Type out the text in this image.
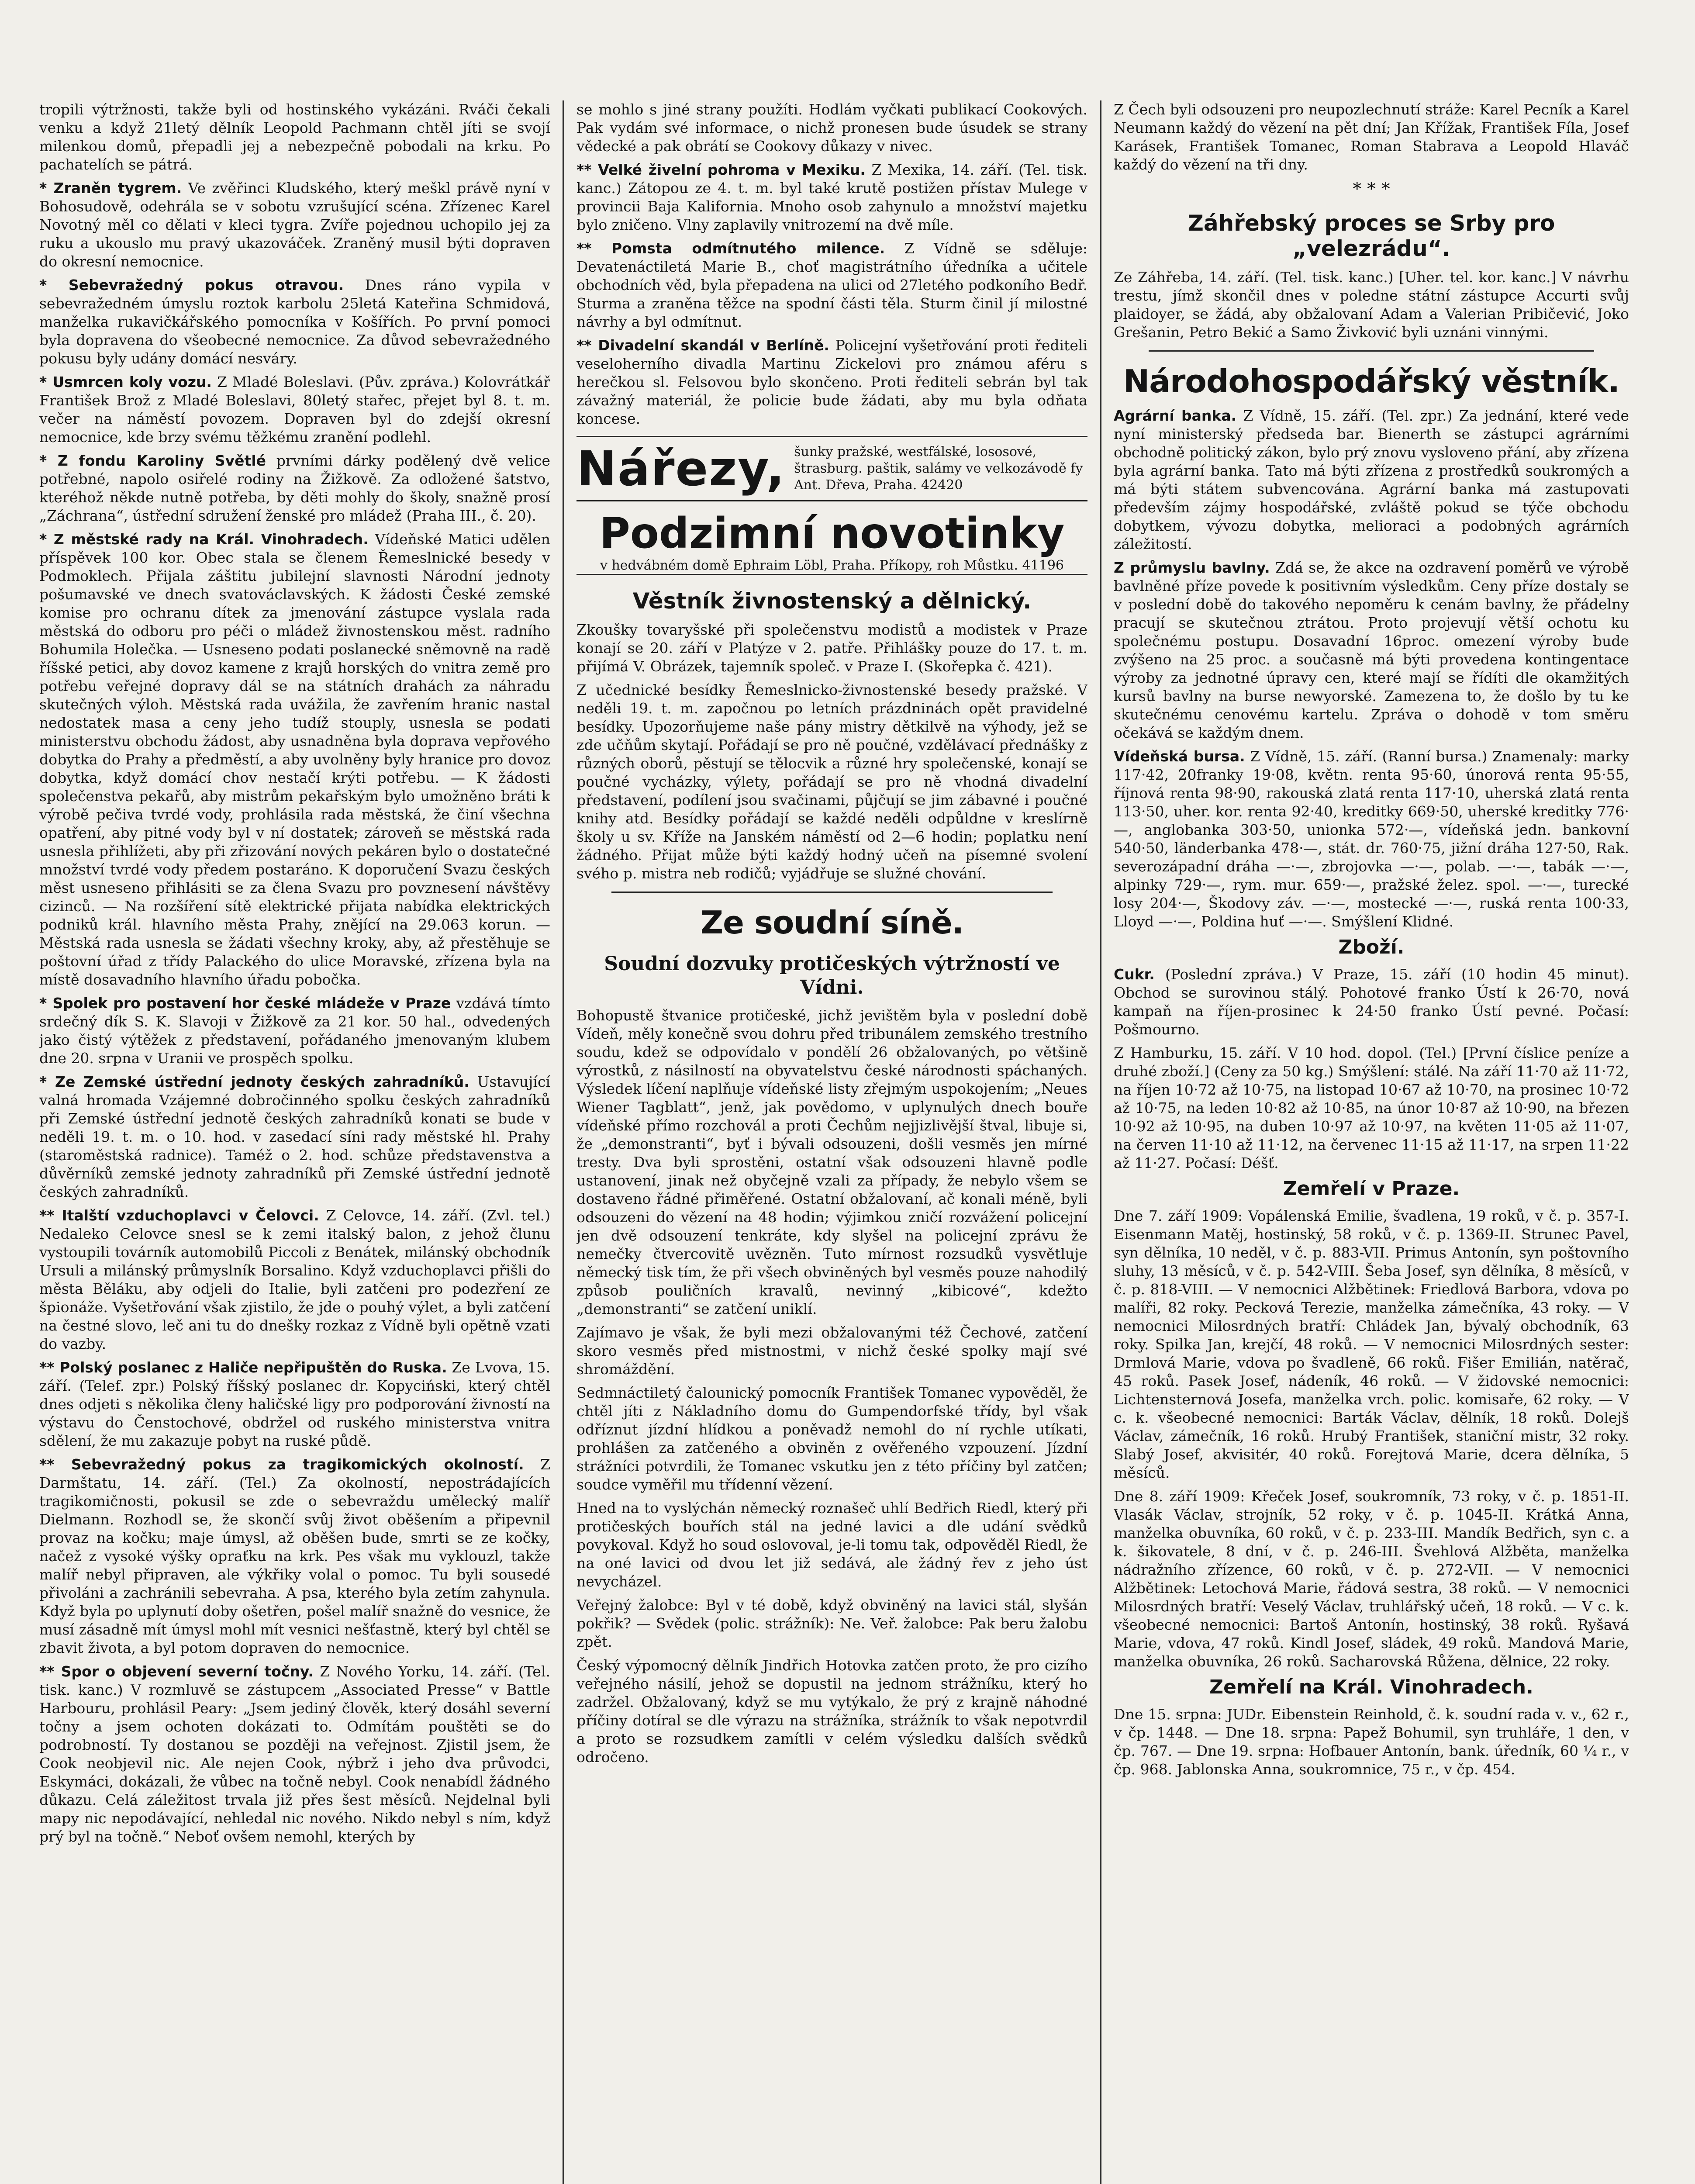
tropili výtržnosti, takže byli od hostinského vykázáni. Rváči čekali venku a když 21letý dělník Leopold Pachmann chtěl jíti se svojí milenkou domů, přepadli jej a nebezpečně pobodali na krku. Po pachatelích se pátrá.

* Zraněn tygrem. Ve zvěřinci Kludského, který meškl právě nyní v Bohosudově, odehrála se v sobotu vzrušující scéna. Zřízenec Karel Novotný měl co dělati v kleci tygra. Zvíře pojednou uchopilo jej za ruku a ukouslo mu pravý ukazováček. Zraněný musil býti dopraven do okresní nemocnice.

* Sebevražedný pokus otravou. Dnes ráno vypila v sebevražedném úmyslu roztok karbolu 25letá Kateřina Schmidová, manželka rukavičkářského pomocníka v Košířích. Po první pomoci byla dopravena do všeobecné nemocnice. Za důvod sebevražedného pokusu byly udány domácí nesváry.

* Usmrcen koly vozu. Z Mladé Boleslavi. (Pův. zpráva.) Kolovrátkář František Brož z Mladé Boleslavi, 80letý stařec, přejet byl 8. t. m. večer na náměstí povozem. Dopraven byl do zdejší okresní nemocnice, kde brzy svému těžkému zranění podlehl.

* Z fondu Karoliny Světlé prvními dárky podělený dvě velice potřebné, napolo osiřelé rodiny na Žižkově. Za odložené šatstvo, kteréhož někde nutně potřeba, by děti mohly do školy, snažně prosí „Záchrana“, ústřední sdružení ženské pro mládež (Praha III., č. 20).

* Z městské rady na Král. Vinohradech. Vídeňské Matici udělen příspěvek 100 kor. Obec stala se členem Řemeslnické besedy v Podmoklech. Přijala záštitu jubilejní slavnosti Národní jednoty pošumavské ve dnech svatováclavských. K žádosti České zemské komise pro ochranu dítek za jmenování zástupce vyslala rada městská do odboru pro péči o mládež živnostenskou měst. radního Bohumila Holečka. — Usneseno podati poslanecké sněmovně na radě říšské petici, aby dovoz kamene z krajů horských do vnitra země pro potřebu veřejné dopravy dál se na státních drahách za náhradu skutečných výloh. Městská rada uvážila, že zavřením hranic nastal nedostatek masa a ceny jeho tudíž stouply, usnesla se podati ministerstvu obchodu žádost, aby usnadněna byla doprava vepřového dobytka do Prahy a předměstí, a aby uvolněny byly hranice pro dovoz dobytka, když domácí chov nestačí krýti potřebu. — K žádosti společenstva pekařů, aby mistrům pekařským bylo umožněno bráti k výrobě pečiva tvrdé vody, prohlásila rada městská, že činí všechna opatření, aby pitné vody byl v ní dostatek; zároveň se městská rada usnesla přihlížeti, aby při zřizování nových pekáren bylo o dostatečné množství tvrdé vody předem postaráno. K doporučení Svazu českých měst usneseno přihlásiti se za člena Svazu pro povznesení návštěvy cizinců. — Na rozšíření sítě elektrické přijata nabídka elektrických podniků král. hlavního města Prahy, znějící na 29.063 korun. — Městská rada usnesla se žádati všechny kroky, aby, až přestěhuje se poštovní úřad z třídy Palackého do ulice Moravské, zřízena byla na místě dosavadního hlavního úřadu pobočka.

* Spolek pro postavení hor české mládeže v Praze vzdává tímto srdečný dík S. K. Slavoji v Žižkově za 21 kor. 50 hal., odvedených jako čistý výtěžek z představení, pořádaného jmenovaným klubem dne 20. srpna v Uranii ve prospěch spolku.

* Ze Zemské ústřední jednoty českých zahradníků. Ustavující valná hromada Vzájemné dobročinného spolku českých zahradníků při Zemské ústřední jednotě českých zahradníků konati se bude v neděli 19. t. m. o 10. hod. v zasedací síni rady městské hl. Prahy (staroměstská radnice). Taméž o 2. hod. schůze představenstva a důvěrníků zemské jednoty zahradníků při Zemské ústřední jednotě českých zahradníků.

** Italští vzduchoplavci v Čelovci. Z Celovce, 14. září. (Zvl. tel.) Nedaleko Celovce snesl se k zemi italský balon, z jehož člunu vystoupili továrník automobilů Piccoli z Benátek, milánský obchodník Ursuli a milánský průmyslník Borsalino. Když vzduchoplavci přišli do města Běláku, aby odjeli do Italie, byli zatčeni pro podezření ze špionáže. Vyšetřování však zjistilo, že jde o pouhý výlet, a byli zatčení na čestné slovo, leč ani tu do dnešky rozkaz z Vídně byli opětně vzati do vazby.

** Polský poslanec z Haliče nepřipuštěn do Ruska. Ze Lvova, 15. září. (Telef. zpr.) Polský říšský poslanec dr. Kopyciński, který chtěl dnes odjeti s několika členy haličské ligy pro podporování živností na výstavu do Čenstochové, obdržel od ruského ministerstva vnitra sdělení, že mu zakazuje pobyt na ruské půdě.

** Sebevražedný pokus za tragikomických okolností. Z Darmštatu, 14. září. (Tel.) Za okolností, nepostrádajících tragikomičnosti, pokusil se zde o sebevraždu umělecký malíř Dielmann. Rozhodl se, že skončí svůj život oběšením a připevnil provaz na kočku; maje úmysl, až oběšen bude, smrti se ze kočky, načež z vysoké výšky opraťku na krk. Pes však mu vyklouzl, takže malíř nebyl připraven, ale výkřiky volal o pomoc. Tu byli sousedé přivoláni a zachránili sebevraha. A psa, kterého byla zetím zahynula. Když byla po uplynutí doby ošetřen, pošel malíř snažně do vesnice, že musí zásadně mít úmysl mohl mít vesnici nešťastně, který byl chtěl se zbavit života, a byl potom dopraven do nemocnice.

** Spor o objevení severní točny. Z Nového Yorku, 14. září. (Tel. tisk. kanc.) V rozmluvě se zástupcem „Associated Presse“ v Battle Harbouru, prohlásil Peary: „Jsem jediný člověk, který dosáhl severní točny a jsem ochoten dokázati to. Odmítám pouštěti se do podrobností. Ty dostanou se později na veřejnost. Zjistil jsem, že Cook neobjevil nic. Ale nejen Cook, nýbrž i jeho dva průvodci, Eskymáci, dokázali, že vůbec na točně nebyl. Cook nenabídl žádného důkazu. Celá záležitost trvala již přes šest měsíců. Nejdelnal byli mapy nic nepodávající, nehledal nic nového. Nikdo nebyl s ním, když prý byl na točně.“ Neboť ovšem nemohl, kterých by

se mohlo s jiné strany použíti. Hodlám vyčkati publikací Cookových. Pak vydám své informace, o nichž pronesen bude úsudek se strany vědecké a pak obrátí se Cookovy důkazy v nivec.

** Velké živelní pohroma v Mexiku. Z Mexika, 14. září. (Tel. tisk. kanc.) Zátopou ze 4. t. m. byl také krutě postižen přístav Mulege v provincii Baja Kalifornia. Mnoho osob zahynulo a množství majetku bylo zničeno. Vlny zaplavily vnitrozemí na dvě míle.

** Pomsta odmítnutého milence. Z Vídně se sděluje: Devatenáctiletá Marie B., choť magistrátního úředníka a učitele obchodních věd, byla přepadena na ulici od 27letého podkoního Bedř. Sturma a zraněna těžce na spodní části těla. Sturm činil jí milostné návrhy a byl odmítnut.

** Divadelní skandál v Berlíně. Policejní vyšetřování proti řediteli veseloherního divadla Martinu Zickelovi pro známou aféru s herečkou sl. Felsovou bylo skončeno. Proti řediteli sebrán byl tak závažný materiál, že policie bude žádati, aby mu byla odňata koncese.

Nářezy, šunky pražské, westfálské, lososové, štrasburg. paštik, salámy ve velkozávodě fy Ant. Dřeva, Praha. 42420
Podzimní novotinky
v hedvábném domě Ephraim Löbl, Praha. Příkopy, roh Můstku. 41196
Věstník živnostenský a dělnický.

Zkoušky tovaryšské při společenstvu modistů a modistek v Praze konají se 20. září v Platýze v 2. patře. Přihlášky pouze do 17. t. m. přijímá V. Obrázek, tajemník společ. v Praze I. (Skořepka č. 421).

Z učednické besídky Řemeslnicko-živnostenské besedy pražské. V neděli 19. t. m. započnou po letních prázdninách opět pravidelné besídky. Upozorňujeme naše pány mistry dětkilvě na výhody, jež se zde učňům skytají. Pořádají se pro ně poučné, vzdělávací přednášky z různých oborů, pěstují se tělocvik a různé hry společenské, konají se poučné vycházky, výlety, pořádají se pro ně vhodná divadelní představení, podílení jsou svačinami, půjčují se jim zábavné i poučné knihy atd. Besídky pořádají se každé neděli odpůldne v kreslírně školy u sv. Kříže na Janském náměstí od 2—6 hodin; poplatku není žádného. Přijat může býti každý hodný učeň na písemné svolení svého p. mistra neb rodičů; vyjádřuje se služné chování.

Ze soudní síně.
Soudní dozvuky protičeských výtržností ve Vídni.

Bohopustě štvanice protičeské, jichž jevištěm byla v poslední době Vídeň, měly konečně svou dohru před tribunálem zemského trestního soudu, kdež se odpovídalo v pondělí 26 obžalovaných, po většině výrostků, z násilností na obyvatelstvu české národnosti spáchaných. Výsledek líčení naplňuje vídeňské listy zřejmým uspokojením; „Neues Wiener Tagblatt“, jenž, jak povědomo, v uplynulých dnech bouře vídeňské přímo rozchovál a proti Čechům nejjizlivější štval, libuje si, že „demonstranti“, byť i bývali odsouzeni, došli vesměs jen mírné tresty. Dva byli sprostěni, ostatní však odsouzeni hlavně podle ustanovení, jinak než obyčejně vzali za případy, že nebylo všem se dostaveno řádné přiměřené. Ostatní obžalovaní, ač konali méně, byli odsouzeni do vězení na 48 hodin; výjimkou zničí rozvážení policejní jen dvě odsouzení tenkráte, kdy slyšel na policejní zprávu že nemečky čtvercovitě uvězněn. Tuto mírnost rozsudků vysvětluje německý tisk tím, že při všech obviněných byl vesměs pouze nahodilý způsob pouličních kravalů, nevinný „kibicové“, kdežto „demonstranti“ se zatčení uniklí.

Zajímavo je však, že byli mezi obžalovanými též Čechové, zatčení skoro vesměs před mistnostmi, v nichž české spolky mají své shromáždění.

Sedmnáctiletý čalounický pomocník František Tomanec vypověděl, že chtěl jíti z Nákladního domu do Gumpendorfské třídy, byl však odříznut jízdní hlídkou a poněvadž nemohl do ní rychle utíkati, prohlášen za zatčeného a obviněn z ověřeného vzpouzení. Jízdní strážníci potvrdili, že Tomanec vskutku jen z této příčiny byl zatčen; soudce vyměřil mu třídenní vězení.

Hned na to vyslýchán německý roznašeč uhlí Bedřich Riedl, který při protičeských bouřích stál na jedné lavici a dle udání svědků povykoval. Když ho soud oslovoval, je-li tomu tak, odpověděl Riedl, že na oné lavici od dvou let již sedává, ale žádný řev z jeho úst nevycházel.

Veřejný žalobce: Byl v té době, když obviněný na lavici stál, slyšán pokřik? — Svědek (polic. strážník): Ne. Veř. žalobce: Pak beru žalobu zpět.

Český výpomocný dělník Jindřich Hotovka zatčen proto, že pro cizího veřejného násilí, jehož se dopustil na jednom strážníku, který ho zadržel. Obžalovaný, když se mu vytýkalo, že prý z krajně náhodné příčiny dotíral se dle výrazu na strážníka, strážník to však nepotvrdil a proto se rozsudkem zamítli v celém výsledku dalších svědků odročeno.

Z Čech byli odsouzeni pro neupozlechnutí stráže: Karel Pecník a Karel Neumann každý do vězení na pět dní; Jan Křížak, František Fíla, Josef Karásek, František Tomanec, Roman Stabrava a Leopold Hlaváč každý do vězení na tři dny.

* * *
Záhřebský proces se Srby pro „velezrádu“.

Ze Záhřeba, 14. září. (Tel. tisk. kanc.) [Uher. tel. kor. kanc.] V návrhu trestu, jímž skončil dnes v poledne státní zástupce Accurti svůj plaidoyer, se žádá, aby obžalovaní Adam a Valerian Pribičević, Joko Grešanin, Petro Bekić a Samo Živković byli uznáni vinnými.

Národohospodářský věstník.

Agrární banka. Z Vídně, 15. září. (Tel. zpr.) Za jednání, které vede nyní ministerský předseda bar. Bienerth se zástupci agrárními obchodně politický zákon, bylo prý znovu vysloveno přání, aby zřízena byla agrární banka. Tato má býti zřízena z prostředků soukromých a má býti státem subvencována. Agrární banka má zastupovati především zájmy hospodářské, zvláště pokud se týče obchodu dobytkem, vývozu dobytka, melioraci a podobných agrárních záležitostí.

Z průmyslu bavlny. Zdá se, že akce na ozdravení poměrů ve výrobě bavlněné příze povede k positivním výsledkům. Ceny příze dostaly se v poslední době do takového nepoměru k cenám bavlny, že přádelny pracují se skutečnou ztrátou. Proto projevují větší ochotu ku společnému postupu. Dosavadní 16proc. omezení výroby bude zvýšeno na 25 proc. a současně má býti provedena kontingentace výroby za jednotné úpravy cen, které mají se řídíti dle okamžitých kursů bavlny na burse newyorské. Zamezena to, že došlo by tu ke skutečnému cenovému kartelu. Zpráva o dohodě v tom směru očekává se každým dnem.

Vídeňská bursa. Z Vídně, 15. září. (Ranní bursa.) Znamenaly: marky 117·42, 20franky 19·08, květn. renta 95·60, únorová renta 95·55, říjnová renta 98·90, rakouská zlatá renta 117·10, uherská zlatá renta 113·50, uher. kor. renta 92·40, kreditky 669·50, uherské kreditky 776·—, anglobanka 303·50, unionka 572·—, vídeňská jedn. bankovní 540·50, länderbanka 478·—, stát. dr. 760·75, jižní dráha 127·50, Rak. severozápadní dráha —·—, zbrojovka —·—, polab. —·—, tabák —·—, alpinky 729·—, rym. mur. 659·—, pražské želez. spol. —·—, turecké losy 204·—, Škodovy záv. —·—, mostecké —·—, ruská renta 100·33, Lloyd —·—, Poldina huť —·—. Smýšlení Klidné.

Zboží.

Cukr. (Poslední zpráva.) V Praze, 15. září (10 hodin 45 minut). Obchod se surovinou stálý. Pohotové franko Ústí k 26·70, nová kampaň na říjen-prosinec k 24·50 franko Ústí pevné. Počasí: Pošmourno.

Z Hamburku, 15. září. V 10 hod. dopol. (Tel.) [První číslice peníze a druhé zboží.] (Ceny za 50 kg.) Smýšlení: stálé. Na září 11·70 až 11·72, na říjen 10·72 až 10·75, na listopad 10·67 až 10·70, na prosinec 10·72 až 10·75, na leden 10·82 až 10·85, na únor 10·87 až 10·90, na březen 10·92 až 10·95, na duben 10·97 až 10·97, na květen 11·05 až 11·07, na červen 11·10 až 11·12, na červenec 11·15 až 11·17, na srpen 11·22 až 11·27. Počasí: Déšť.

Zemřelí v Praze.

Dne 7. září 1909: Vopálenská Emilie, švadlena, 19 roků, v č. p. 357-I. Eisenmann Matěj, hostinský, 58 roků, v č. p. 1369-II. Strunec Pavel, syn dělníka, 10 neděl, v č. p. 883-VII. Primus Antonín, syn poštovního sluhy, 13 měsíců, v č. p. 542-VIII. Šeba Josef, syn dělníka, 8 měsíců, v č. p. 818-VIII. — V nemocnici Alžbětinek: Friedlová Barbora, vdova po malíři, 82 roky. Pecková Terezie, manželka zámečníka, 43 roky. — V nemocnici Milosrdných bratří: Chládek Jan, bývalý obchodník, 63 roky. Spilka Jan, krejčí, 48 roků. — V nemocnici Milosrdných sester: Drmlová Marie, vdova po švadleně, 66 roků. Fišer Emilián, natěrač, 45 roků. Pasek Josef, nádeník, 46 roků. — V židovské nemocnici: Lichtensternová Josefa, manželka vrch. polic. komisaře, 62 roky. — V c. k. všeobecné nemocnici: Barták Václav, dělník, 18 roků. Dolejš Václav, zámečník, 16 roků. Hrubý František, staniční mistr, 32 roky. Slabý Josef, akvisitér, 40 roků. Forejtová Marie, dcera dělníka, 5 měsíců.

Dne 8. září 1909: Křeček Josef, soukromník, 73 roky, v č. p. 1851-II. Vlasák Václav, strojník, 52 roky, v č. p. 1045-II. Krátká Anna, manželka obuvníka, 60 roků, v č. p. 233-III. Mandík Bedřich, syn c. a k. šikovatele, 8 dní, v č. p. 246-III. Švehlová Alžběta, manželka nádražního zřízence, 60 roků, v č. p. 272-VII. — V nemocnici Alžbětinek: Letochová Marie, řádová sestra, 38 roků. — V nemocnici Milosrdných bratří: Veselý Václav, truhlářský učeň, 18 roků. — V c. k. všeobecné nemocnici: Bartoš Antonín, hostinský, 38 roků. Ryšavá Marie, vdova, 47 roků. Kindl Josef, sládek, 49 roků. Mandová Marie, manželka obuvníka, 26 roků. Sacharovská Růžena, dělnice, 22 roky.

Zemřelí na Král. Vinohradech.

Dne 15. srpna: JUDr. Eibenstein Reinhold, č. k. soudní rada v. v., 62 r., v čp. 1448. — Dne 18. srpna: Papež Bohumil, syn truhláře, 1 den, v čp. 767. — Dne 19. srpna: Hofbauer Antonín, bank. úředník, 60 ¼ r., v čp. 968. Jablonska Anna, soukromnice, 75 r., v čp. 454.
